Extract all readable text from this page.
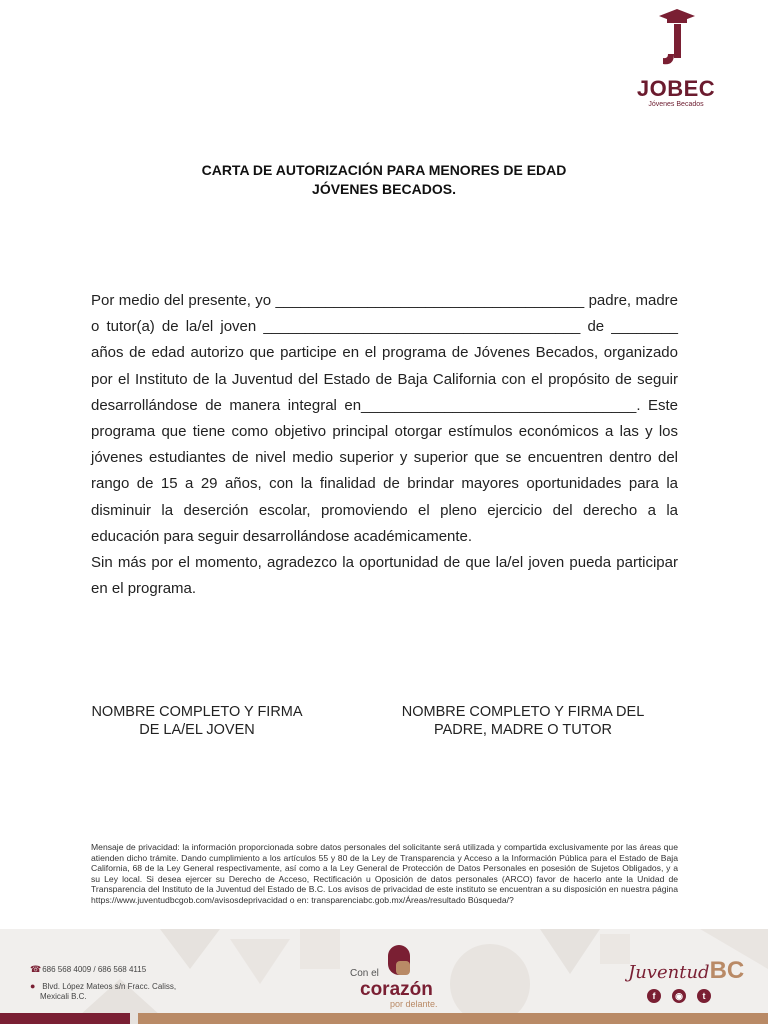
JOBEC
Jóvenes Becados
CARTA DE AUTORIZACIÓN PARA MENORES DE EDAD
JÓVENES BECADOS.

Por medio del presente, yo _____________________________________ padre, madre o tutor(a) de la/el joven ______________________________________ de ________ años de edad autorizo que participe en el programa de Jóvenes Becados, organizado por el Instituto de la Juventud del Estado de Baja California con el propósito de seguir desarrollándose de manera integral en_________________________________. Este programa que tiene como objetivo principal otorgar estímulos económicos a las y los jóvenes estudiantes de nivel medio superior y superior que se encuentren dentro del rango de 15 a 29 años, con la finalidad de brindar mayores oportunidades para la disminuir la deserción escolar, promoviendo el pleno ejercicio del derecho a la educación para seguir desarrollándose académicamente.

Sin más por el momento, agradezco la oportunidad de que la/el joven pueda participar en el programa.

NOMBRE COMPLETO Y FIRMA
DE LA/EL JOVEN
NOMBRE COMPLETO Y FIRMA DEL
PADRE, MADRE O TUTOR
Mensaje de privacidad: la información proporcionada sobre datos personales del solicitante será utilizada y compartida exclusivamente por las áreas que atienden dicho trámite. Dando cumplimiento a los artículos 55 y 80 de la Ley de Transparencia y Acceso a la Información Pública para el Estado de Baja California, 68 de la Ley General respectivamente, así como a la Ley General de Protección de Datos Personales en posesión de Sujetos Obligados, y a su Ley local. Si desea ejercer su Derecho de Acceso, Rectificación u Oposición de datos personales (ARCO) favor de hacerlo ante la Unidad de Transparencia del Instituto de la Juventud del Estado de B.C. Los avisos de privacidad de este instituto se encuentran a su disposición en nuestra página https://www.juventudbcgob.com/avisosdeprivacidad o en: transparenciabc.gob.mx/Áreas/resultado Búsqueda/?
☎ 686 568 4009 / 686 568 4115
● Blvd. López Mateos s/n Fracc. Caliss,
Mexicali B.C.
Con el
corazón
por delante.
JuventudBC
f	◉	t
